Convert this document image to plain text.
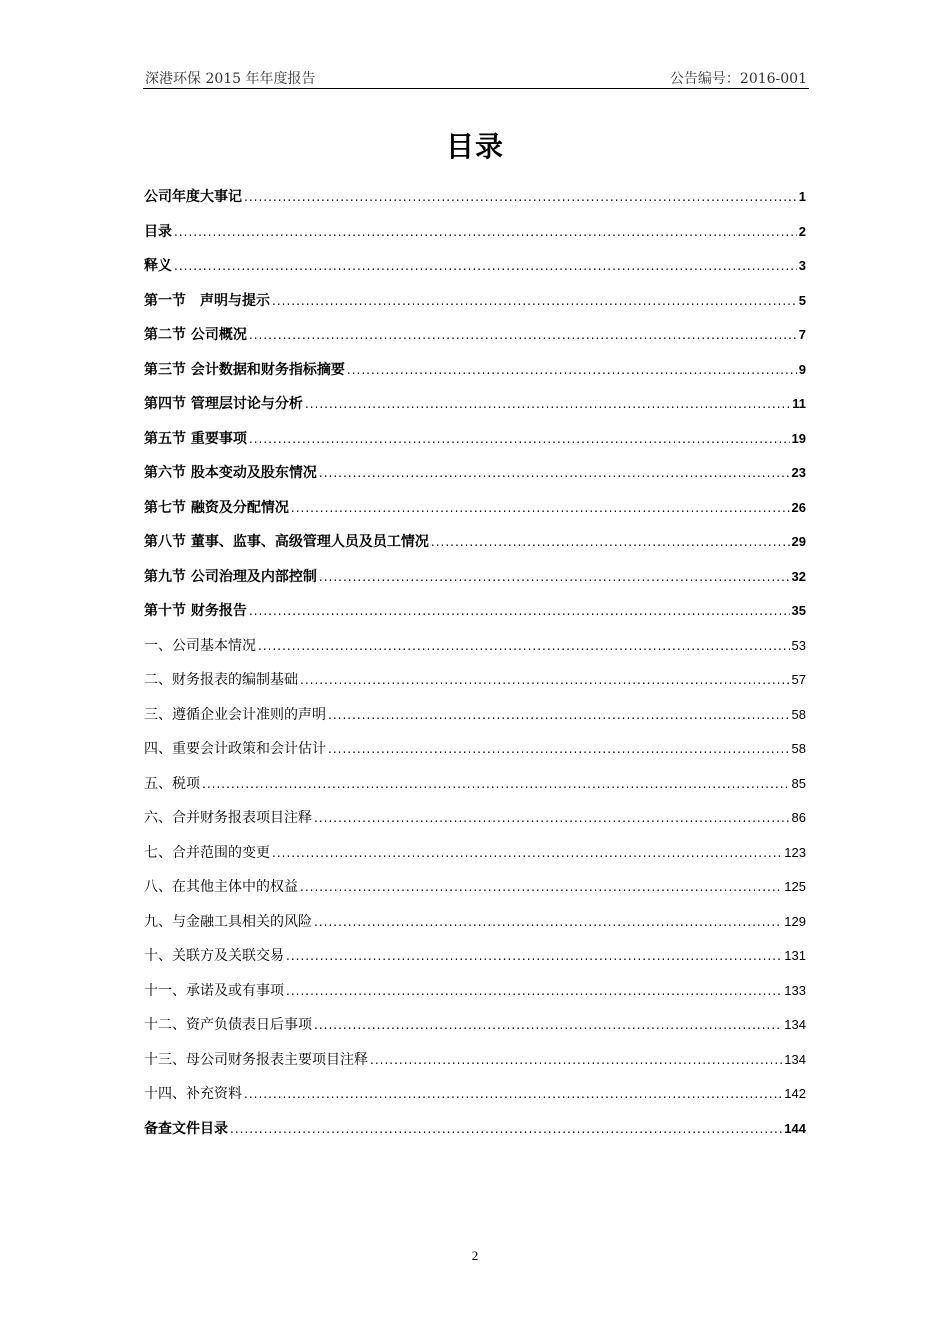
深港环保 2015 年年度报告	公告编号：2016-001
目录
公司年度大事记 .....	1
目录 .....	2
释义 .....	3
第一节　声明与提示 .....	5
第二节 公司概况 .....	7
第三节 会计数据和财务指标摘要 .....	9
第四节 管理层讨论与分析 .....	11
第五节 重要事项 .....	19
第六节 股本变动及股东情况 .....	23
第七节 融资及分配情况 .....	26
第八节 董事、监事、高级管理人员及员工情况 .....	29
第九节 公司治理及内部控制 .....	32
第十节 财务报告 .....	35
一、公司基本情况 .....	53
二、财务报表的编制基础 .....	57
三、遵循企业会计准则的声明 .....	58
四、重要会计政策和会计估计 .....	58
五、税项 .....	85
六、合并财务报表项目注释 .....	86
七、合并范围的变更 .....	123
八、在其他主体中的权益 .....	125
九、与金融工具相关的风险 .....	129
十、关联方及关联交易 .....	131
十一、承诺及或有事项 .....	133
十二、资产负债表日后事项 .....	134
十三、母公司财务报表主要项目注释 .....	134
十四、补充资料 .....	142
备查文件目录 .....	144
2
